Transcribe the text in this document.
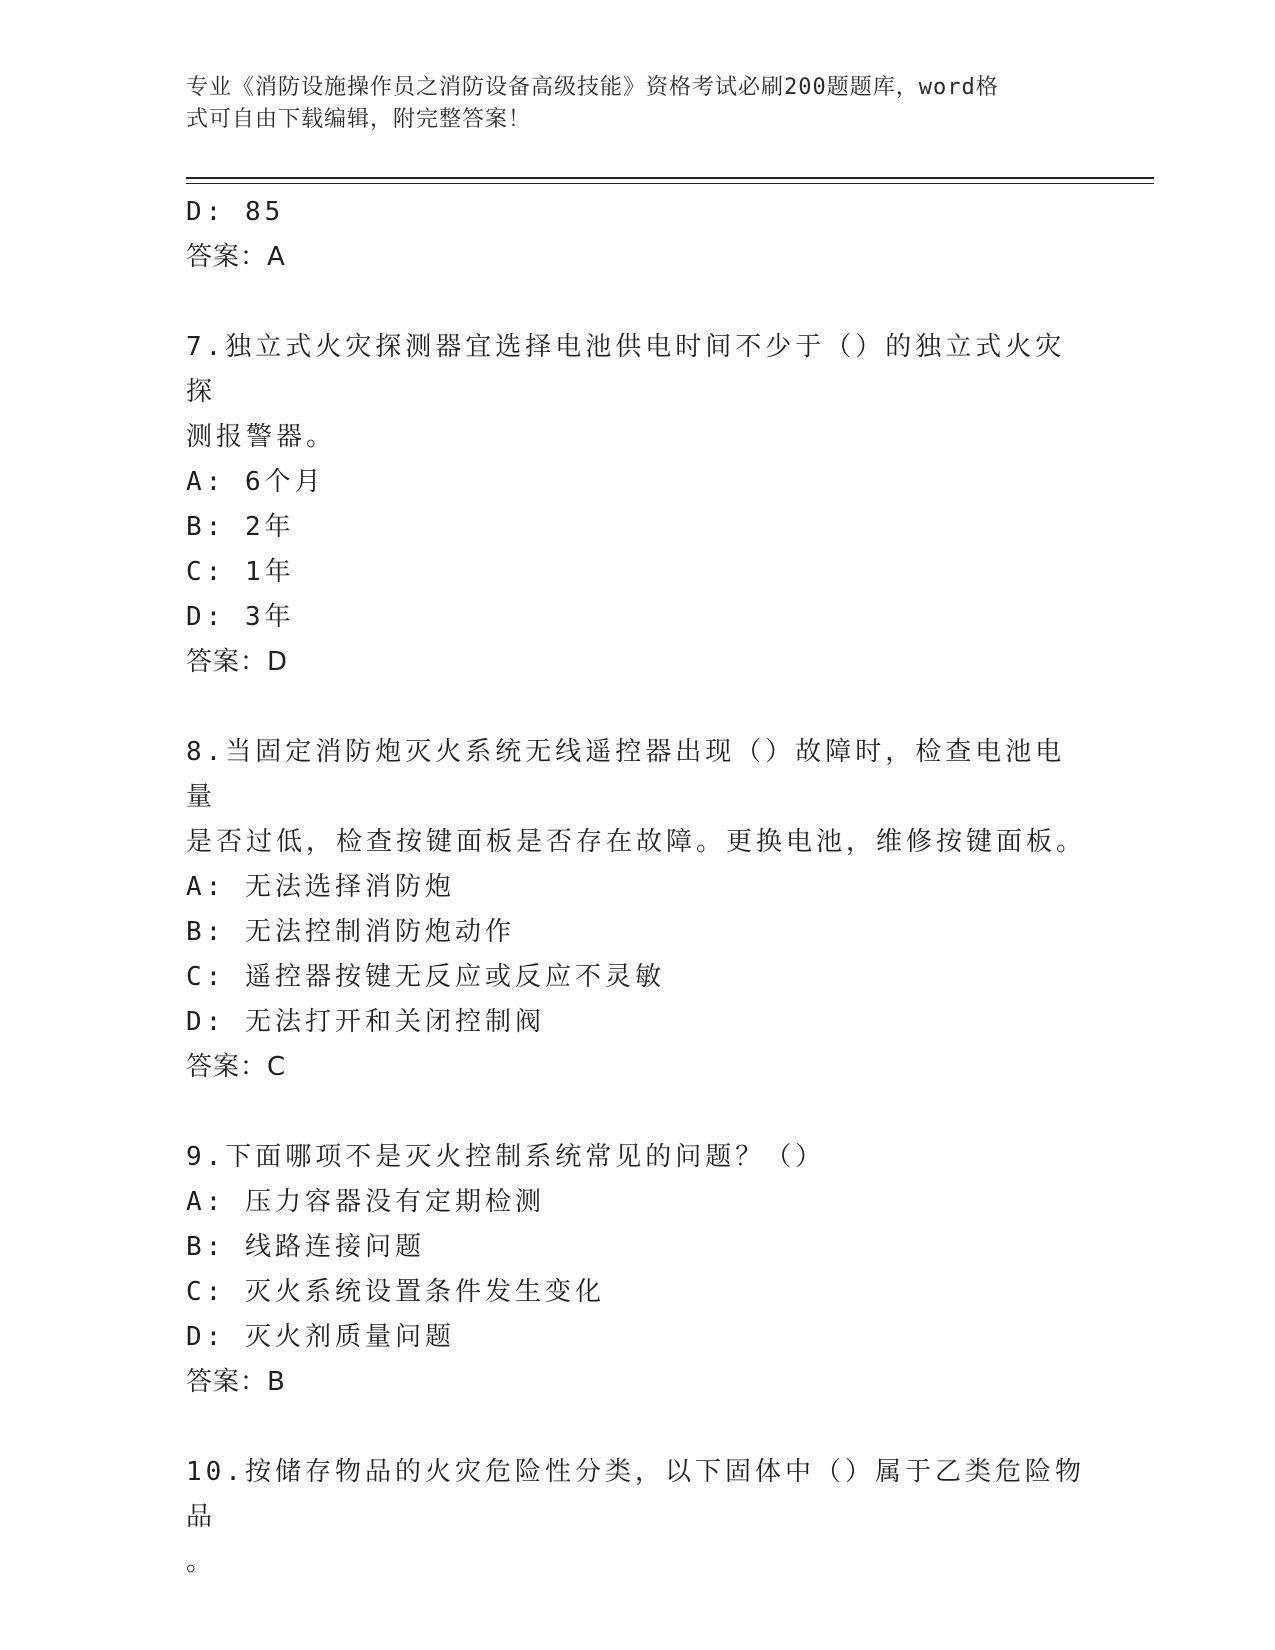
专业《消防设施操作员之消防设备高级技能》资格考试必刷200题题库，word格
式可自由下载编辑，附完整答案！
D: 85
答案：A
7.独立式火灾探测器宜选择电池供电时间不少于（）的独立式火灾探
测报警器。
A: 6个月
B: 2年
C: 1年
D: 3年
答案：D
8.当固定消防炮灭火系统无线遥控器出现（）故障时，检查电池电量
是否过低，检查按键面板是否存在故障。更换电池，维修按键面板。
A: 无法选择消防炮
B: 无法控制消防炮动作
C: 遥控器按键无反应或反应不灵敏
D: 无法打开和关闭控制阀
答案：C
9.下面哪项不是灭火控制系统常见的问题？（）
A: 压力容器没有定期检测
B: 线路连接问题
C: 灭火系统设置条件发生变化
D: 灭火剂质量问题
答案：B
10.按储存物品的火灾危险性分类，以下固体中（）属于乙类危险物品
。
